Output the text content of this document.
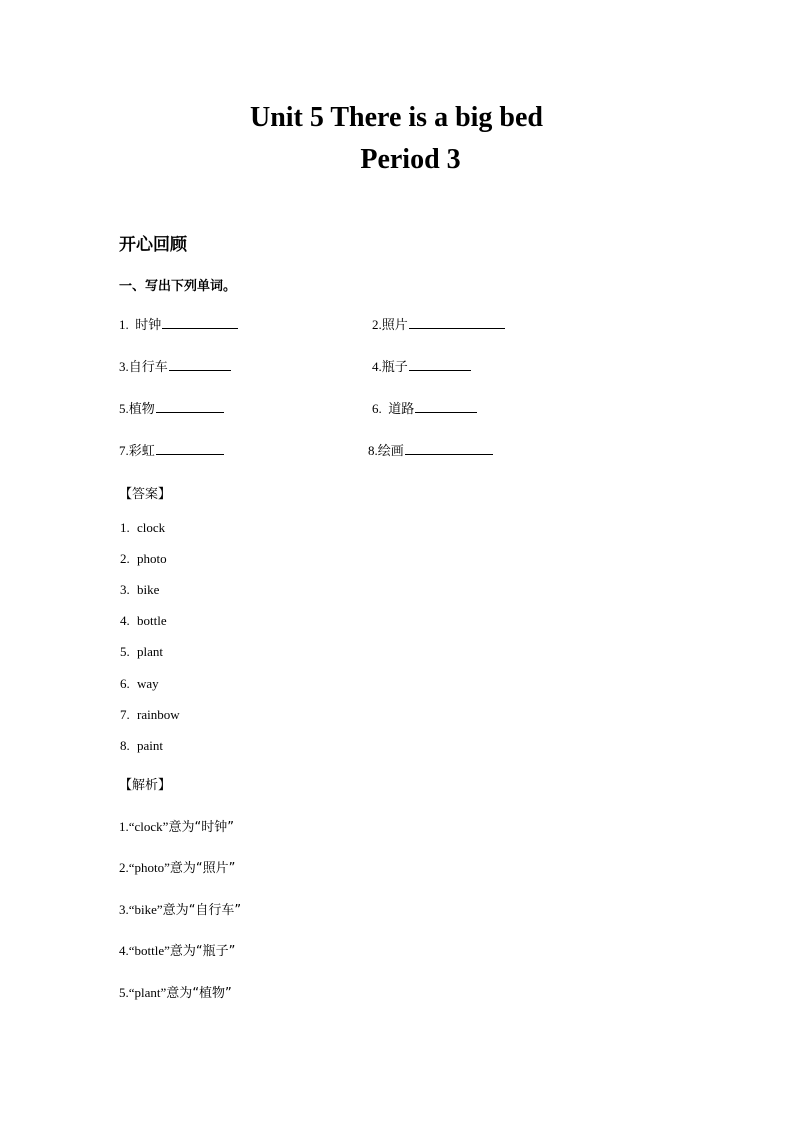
Unit 5 There is a big bed
Period 3
开心回顾
一、写出下列单词。
1. 时钟	2.照片
3.自行车	4.瓶子
5.植物	6. 道路
7.彩虹	8.绘画
【答案】
1. clock
2. photo
3. bike
4. bottle
5. plant
6. way
7. rainbow
8. paint
【解析】
1.“clock”意为“时钟”
2.“photo”意为“照片”
3.“bike”意为“自行车”
4.“bottle”意为“瓶子”
5.“plant”意为“植物”
